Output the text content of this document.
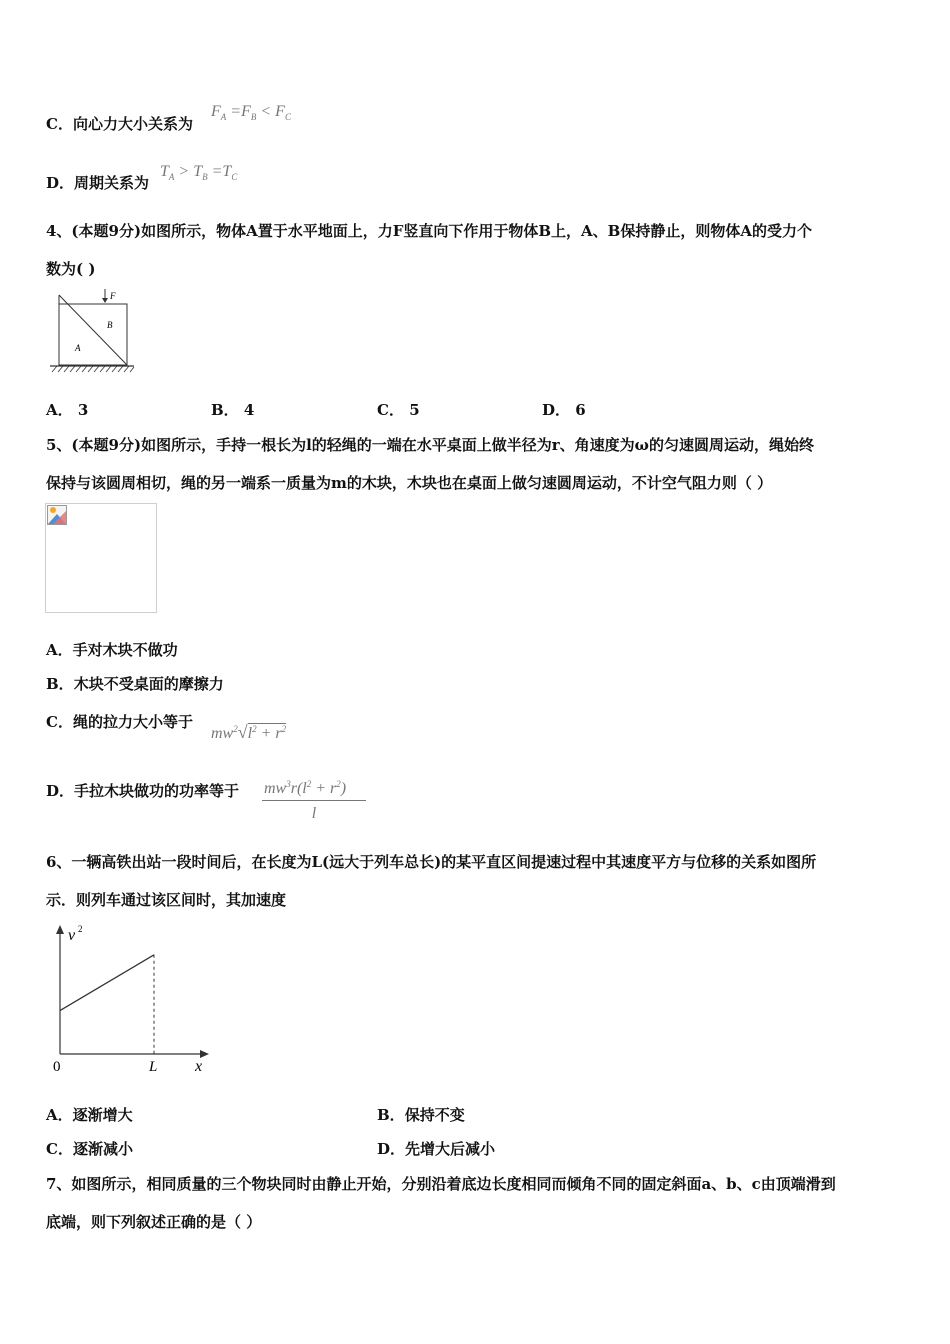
C．向心力大小关系为
$F_A =F_B < F_C$
D．周期关系为
$T_A > T_B =T_C$
4、(本题9分)如图所示，物体A置于水平地面上，力F竖直向下作用于物体B上，A、B保持静止，则物体A的受力个
数为( )
F
B
A
A． 3	B． 4	C． 5	D． 6
5、(本题9分)如图所示，手持一根长为l的轻绳的一端在水平桌面上做半径为r、角速度为ω的匀速圆周运动，绳始终
保持与该圆周相切，绳的另一端系一质量为m的木块，木块也在桌面上做匀速圆周运动，不计空气阻力则（ ）
A．手对木块不做功
B．木块不受桌面的摩擦力
C．绳的拉力大小等于
$mw^2√l^2 + r^2$
D．手拉木块做功的功率等于 $mw^3r(l^2 + r^2)$
l
6、一辆高铁出站一段时间后，在长度为L(远大于列车总长)的某平直区间提速过程中其速度平方与位移的关系如图所
示．则列车通过该区间时，其加速度
v 2
x
0	L
A．逐渐增大	B．保持不变
C．逐渐减小	D．先增大后减小
7、如图所示，相同质量的三个物块同时由静止开始，分别沿着底边长度相同而倾角不同的固定斜面a、b、c由顶端滑到
底端，则下列叙述正确的是（ ）
